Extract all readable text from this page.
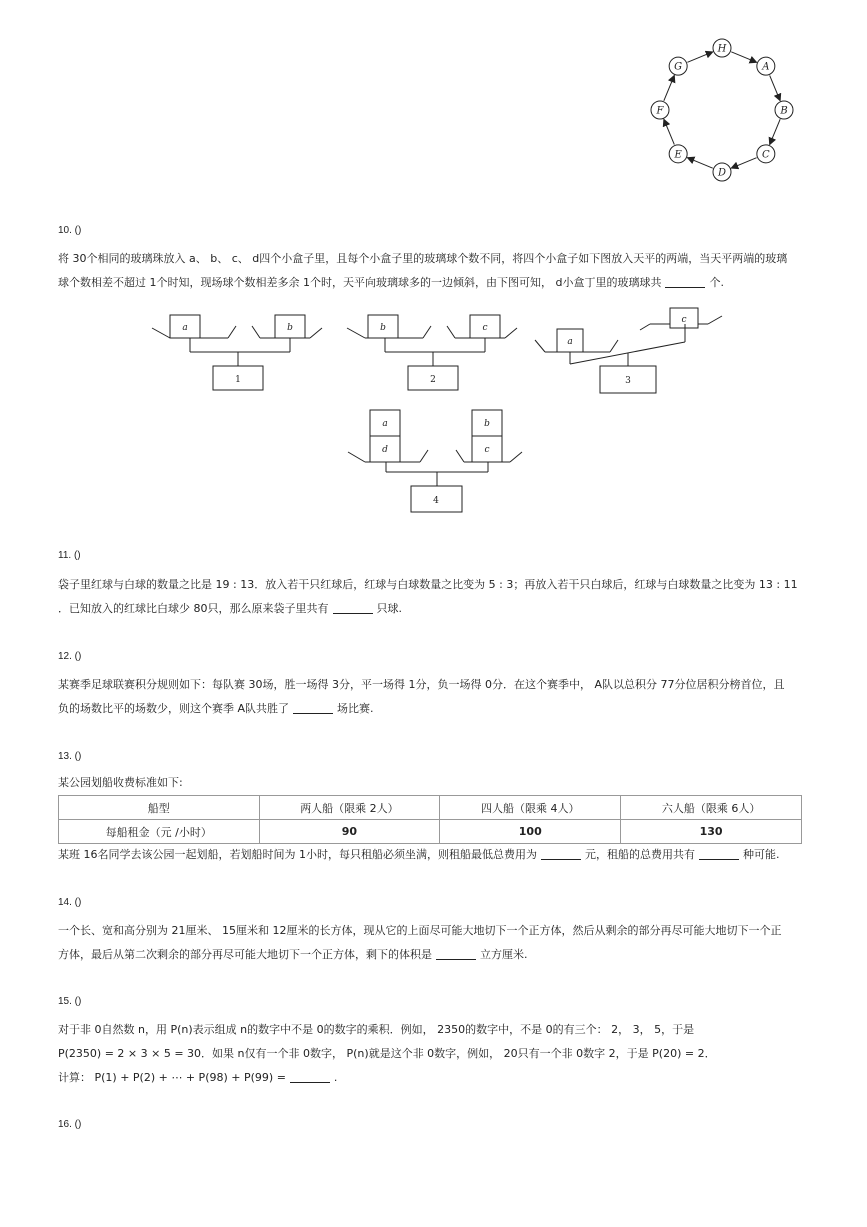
H
A
B
C
D
E
F
G
10. ()
将 30个相同的玻璃珠放入 a、 b、 c、 d四个小盒子里，且每个小盒子里的玻璃球个数不同，将四个小盒子如下图放入天平的两端，当天平两端的玻璃
球个数相差不超过 1个时知，现场球个数相差多余 1个时，天平向玻璃球多的一边倾斜，由下图可知， d小盒丁里的玻璃球共	个.
a	b
1
b	c
2
a
c
3
a
d
b
c
4
11. ()
袋子里红球与白球的数量之比是 19 : 13．放入若干只红球后，红球与白球数量之比变为 5 : 3；再放入若干只白球后，红球与白球数量之比变为 13 : 11
．已知放入的红球比白球少 80只，那么原来袋子里共有	只球.
12. ()
某赛季足球联赛积分规则如下：每队赛 30场，胜一场得 3分，平一场得 1分，负一场得 0分．在这个赛季中， A队以总积分 77分位居积分榜首位，且
负的场数比平的场数少，则这个赛季 A队共胜了	场比赛.
13. ()
某公园划船收费标准如下:
船型	两人船（限乘 2人）	四人船（限乘 4人）	六人船（限乘 6人）
每船租金（元 /小时）	90	100	130
某班 16名同学去该公园一起划船，若划船时间为 1小时，每只租船必须坐满，则租船最低总费用为	元，租船的总费用共有	种可能.
14. ()
一个长、宽和高分别为 21厘米、 15厘米和 12厘米的长方体，现从它的上面尽可能大地切下一个正方体，然后从剩余的部分再尽可能大地切下一个正
方体，最后从第二次剩余的部分再尽可能大地切下一个正方体，剩下的体积是	立方厘米.
15. ()
对于非 0自然数 n，用 P(n)表示组成 n的数字中不是 0的数字的乘积．例如， 2350的数字中，不是 0的有三个： 2， 3， 5，于是
P(2350) = 2 × 3 × 5 = 30．如果 n仅有一个非 0数字， P(n)就是这个非 0数字，例如， 20只有一个非 0数字 2，于是 P(20) = 2．
计算： P(1) + P(2) + ⋯ + P(98) + P(99) =	.
16. ()
